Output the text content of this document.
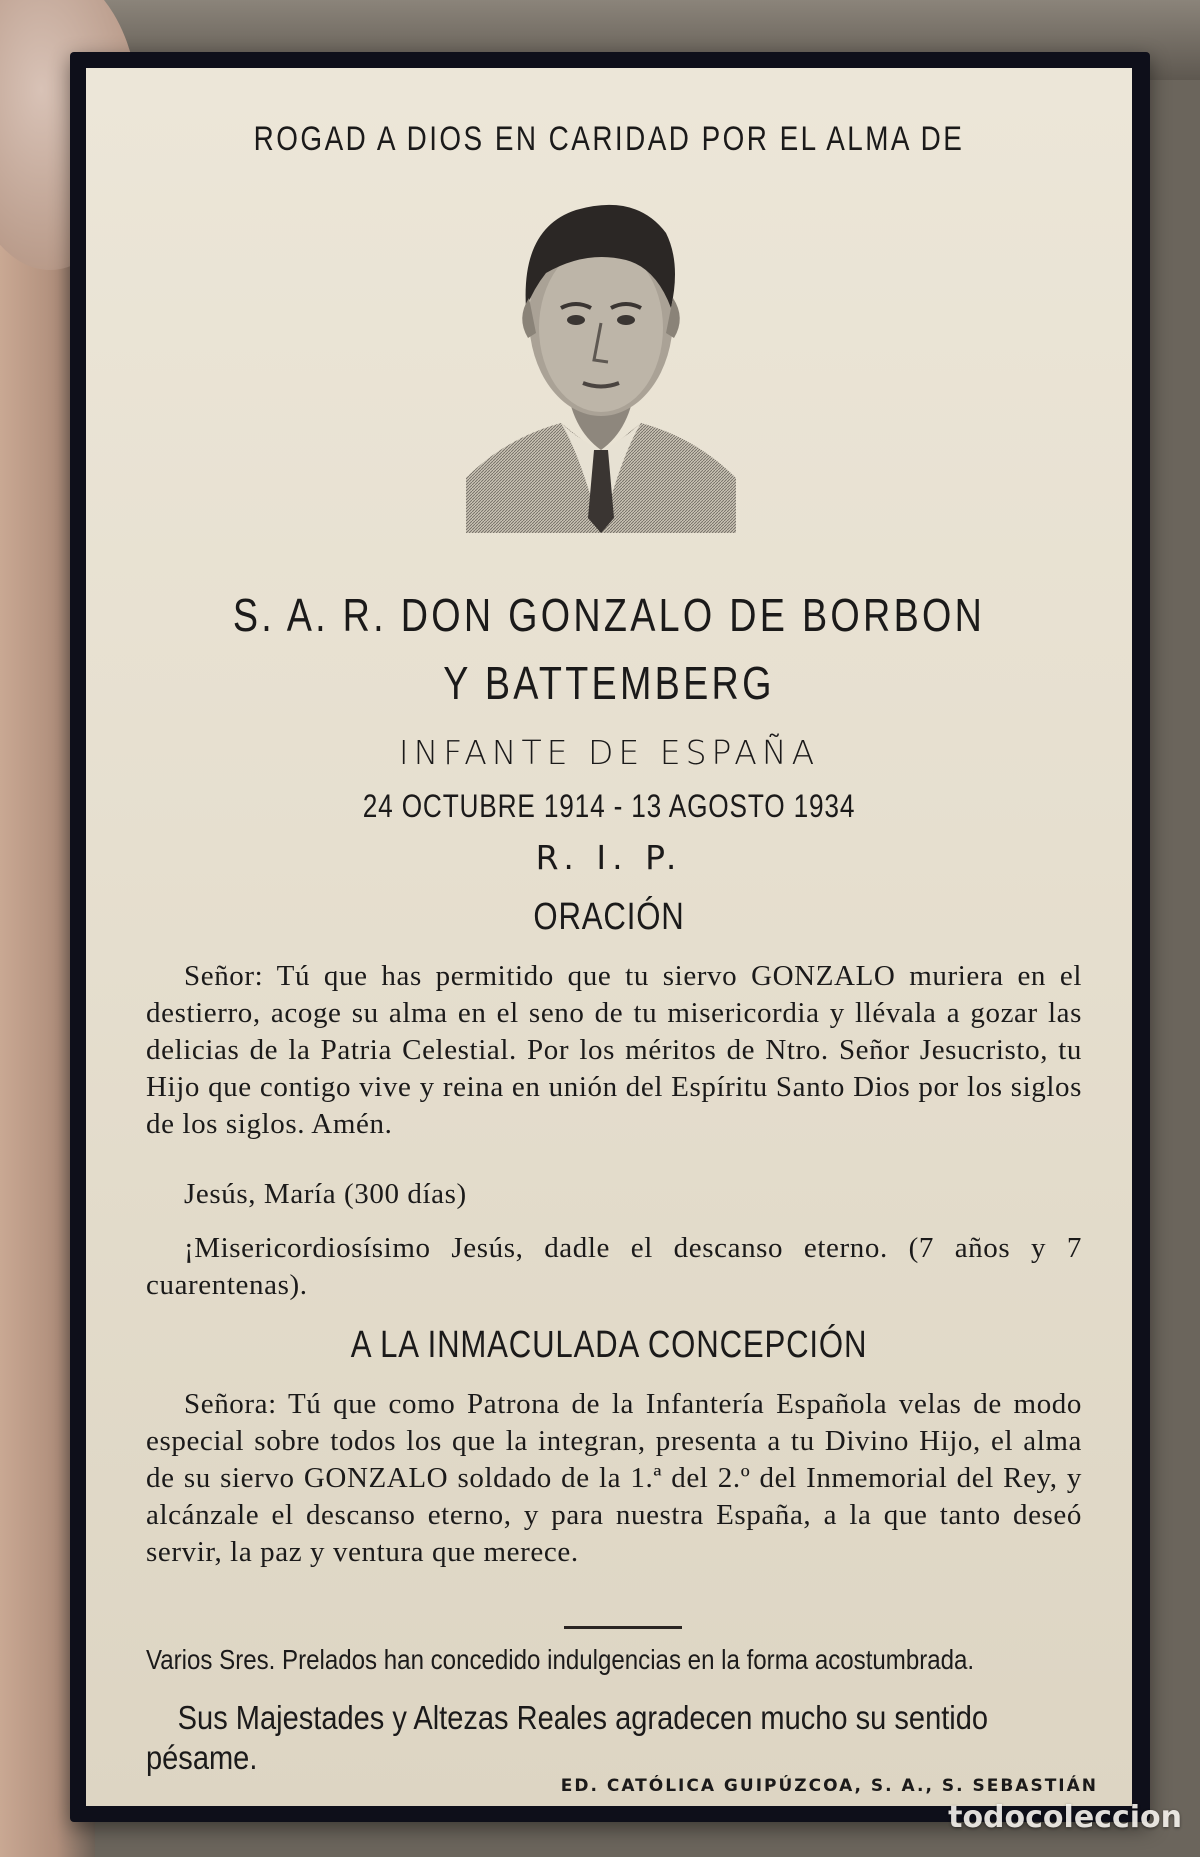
ROGAD A DIOS EN CARIDAD POR EL ALMA DE
S. A. R. DON GONZALO DE BORBON
Y BATTEMBERG
INFANTE DE ESPAÑA
24 OCTUBRE 1914 - 13 AGOSTO 1934
R. I. P.
ORACIÓN
Señor: Tú que has permitido que tu siervo GONZALO muriera en el destierro, acoge su alma en el seno de tu misericordia y llévala a gozar las delicias de la Patria Celestial. Por los méritos de Ntro. Señor Jesucristo, tu Hijo que contigo vive y reina en unión del Espíritu Santo Dios por los siglos de los siglos. Amén.
Jesús, María (300 días)
¡Misericordiosísimo Jesús, dadle el descanso eterno. (7 años y 7 cuarentenas).
A LA INMACULADA CONCEPCIÓN
Señora: Tú que como Patrona de la Infantería Española velas de modo especial sobre todos los que la integran, presenta a tu Divino Hijo, el alma de su siervo GONZALO soldado de la 1.ª del 2.º del Inmemorial del Rey, y alcánzale el descanso eterno, y para nuestra España, a la que tanto deseó servir, la paz y ventura que merece.
Varios Sres. Prelados han concedido indulgencias en la forma acostumbrada.
Sus Majestades y Altezas Reales agradecen mucho su sentido pésame.
ED. CATÓLICA GUIPÚZCOA, S. A., S. SEBASTIÁN
todocoleccion
